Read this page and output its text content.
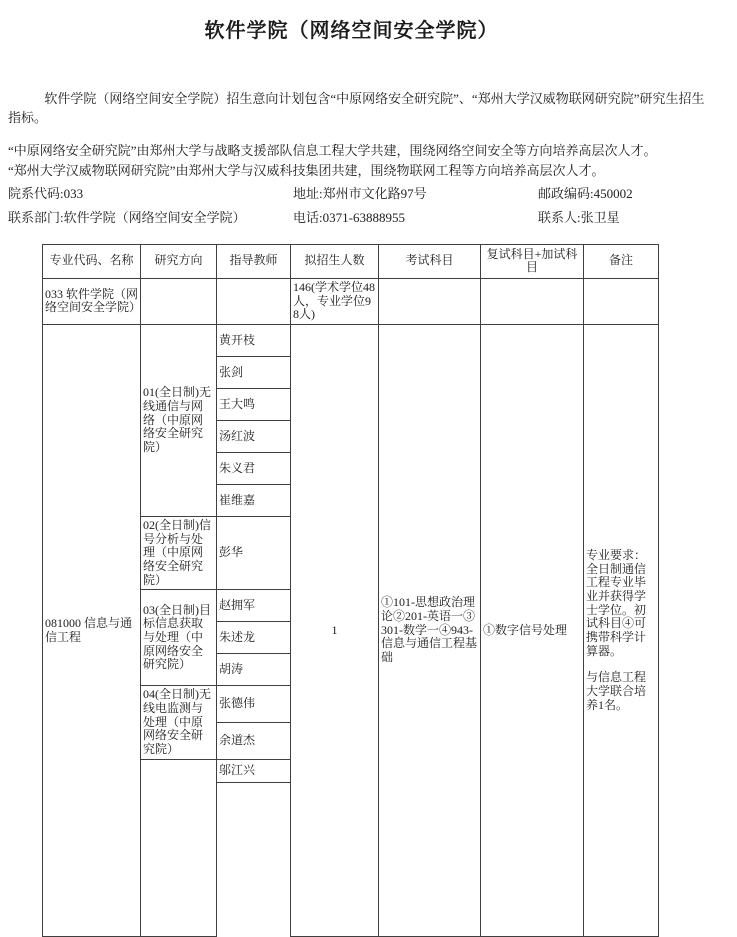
软件学院（网络空间安全学院）

软件学院（网络空间安全学院）招生意向计划包含“中原网络安全研究院”、“郑州大学汉威物联网研究院”研究生招生指标。

“中原网络安全研究院”由郑州大学与战略支援部队信息工程大学共建，围绕网络空间安全等方向培养高层次人才。

“郑州大学汉威物联网研究院”由郑州大学与汉威科技集团共建，围绕物联网工程等方向培养高层次人才。

院系代码:033	地址:郑州市文化路97号	邮政编码:450002
联系部门:软件学院（网络空间安全学院）	电话:0371-63888955	联系人:张卫星
专业代码、名称	研究方向	指导教师	拟招生人数	考试科目	复试科目+加试科目	备注
033 软件学院（网络空间安全学院）			146(学术学位48人，专业学位98人)			
081000 信息与通信工程	01(全日制)无线通信与网络（中原网络安全研究院）	黄开枝	1	①101-思想政治理论②201-英语一③301-数学一④943-信息与通信工程基础	①数字信号处理	专业要求：全日制通信工程专业毕业并获得学士学位。初试科目④可携带科学计算器。
与信息工程大学联合培养1名。

		张剑				
		王大鸣				
		汤红波				
		朱义君				
		崔维嘉				
	02(全日制)信号分析与处理（中原网络安全研究院）	彭华				
	03(全日制)目标信息获取与处理（中原网络安全研究院）	赵拥军				
		朱述龙				
		胡涛				
	04(全日制)无线电监测与处理（中原网络安全研究院）	张德伟				
		余道杰				
		邬江兴				
